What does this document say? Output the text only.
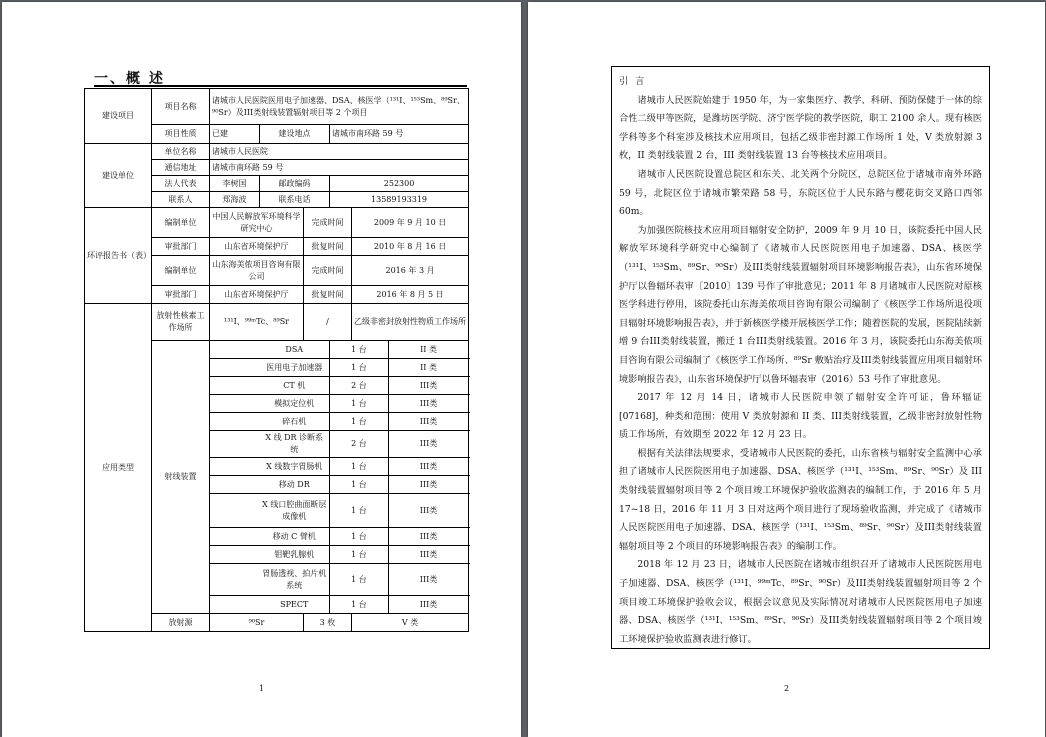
一、概 述
建设项目	项目名称	诸城市人民医院医用电子加速器、DSA、核医学（¹³¹I、¹⁵³Sm、⁸⁹Sr、⁹⁰Sr）及III类射线装置辐射项目等 2 个项目					
	项目性质	已建	建设地点		诸城市南环路 59 号		
建设单位	单位名称	诸城市人民医院					
	通信地址	诸城市南环路 59 号					
	法人代表	李树国	邮政编码		252300		
	联系人	郑海波	联系电话		13589193319		
环评报告书（表）	编制单位	中国人民解放军环境科学研究中心		完成时间		2009 年 9 月 10 日	
	审批部门	山东省环境保护厅		批复时间		2010 年 8 月 16 日	
	编制单位	山东海美侬项目咨询有限公司		完成时间		2016 年 3 月	
	审批部门	山东省环境保护厅		批复时间		2016 年 8 月 5 日	
应用类型	放射性核素工作场所	¹³¹I、⁹⁹ᵐTc、⁸⁹Sr		/		乙级非密封放射性物质工作场所	
	射线装置		DSA		1 台		II 类
			医用电子加速器		1 台		II 类
			CT 机		2 台		III类
			模拟定位机		1 台		III类
			碎石机		1 台		III类
			X 线 DR 诊断系统		2 台		III类
			X 线数字胃肠机		1 台		III类
			移动 DR		1 台		III类
			X 线口腔曲面断层成像机		1 台		III类
			移动 C 臂机		1 台		III类
			钼靶乳腺机		1 台		III类
			胃肠透视、拍片机系统		1 台		III类
			SPECT		1 台		III类
	放射源	⁹⁰Sr		3 枚		V 类	
1
引 言

诸城市人民医院始建于 1950 年，为一家集医疗、教学、科研、预防保健于一体的综合性二级甲等医院，是潍坊医学院、济宁医学院的教学医院，职工 2100 余人。现有核医学科等多个科室涉及核技术应用项目，包括乙级非密封源工作场所 1 处，V 类放射源 3 枚，II 类射线装置 2 台，III 类射线装置 13 台等核技术应用项目。

诸城市人民医院设置总院区和东关、北关两个分院区，总院区位于诸城市南外环路 59 号，北院区位于诸城市繁荣路 58 号，东院区位于人民东路与樱花街交叉路口西邻 60m。

为加强医院核技术应用项目辐射安全防护，2009 年 9 月 10 日，该院委托中国人民解放军环境科学研究中心编制了《诸城市人民医院医用电子加速器、DSA、核医学（¹³¹I、¹⁵³Sm、⁸⁹Sr、⁹⁰Sr）及III类射线装置辐射项目环境影响报告表》，山东省环境保护厅以鲁辐环表审〔2010〕139 号作了审批意见；2011 年 8 月诸城市人民医院对原核医学科进行停用，该院委托山东海美侬项目咨询有限公司编制了《核医学工作场所退役项目辐射环境影响报告表》，并于新核医学楼开展核医学工作；随着医院的发展，医院陆续新增 9 台III类射线装置，搬迁 1 台III类射线装置。2016 年 3 月，该院委托山东海美侬项目咨询有限公司编制了《核医学工作场所、⁸⁹Sr 敷贴治疗及III类射线装置应用项目辐射环境影响报告表》，山东省环境保护厅以鲁环辐表审（2016）53 号作了审批意见。

2017 年 12 月 14 日，诸城市人民医院申领了辐射安全许可证，鲁环辐证[07168]，种类和范围：使用 V 类放射源和 II 类、III类射线装置，乙级非密封放射性物质工作场所，有效期至 2022 年 12 月 23 日。

根据有关法律法规要求，受诸城市人民医院的委托，山东省核与辐射安全监测中心承担了诸城市人民医院医用电子加速器、DSA、核医学（¹³¹I、¹⁵³Sm、⁸⁹Sr、⁹⁰Sr）及 III类射线装置辐射项目等 2 个项目竣工环境保护验收监测表的编制工作，于 2016 年 5 月 17~18 日，2016 年 11 月 3 日对这两个项目进行了现场验收监测，并完成了《诸城市人民医院医用电子加速器、DSA、核医学（¹³¹I、¹⁵³Sm、⁸⁹Sr、⁹⁰Sr）及III类射线装置辐射项目等 2 个项目的环境影响报告表》的编制工作。

2018 年 12 月 23 日，诸城市人民医院在诸城市组织召开了诸城市人民医院医用电子加速器、DSA、核医学（¹³¹I、⁹⁹ᵐTc、⁸⁹Sr、⁹⁰Sr）及III类射线装置辐射项目等 2 个项目竣工环境保护验收会议，根据会议意见及实际情况对诸城市人民医院医用电子加速器、DSA、核医学（¹³¹I、¹⁵³Sm、⁸⁹Sr、⁹⁰Sr）及III类射线装置辐射项目等 2 个项目竣工环境保护验收监测表进行修订。

2
